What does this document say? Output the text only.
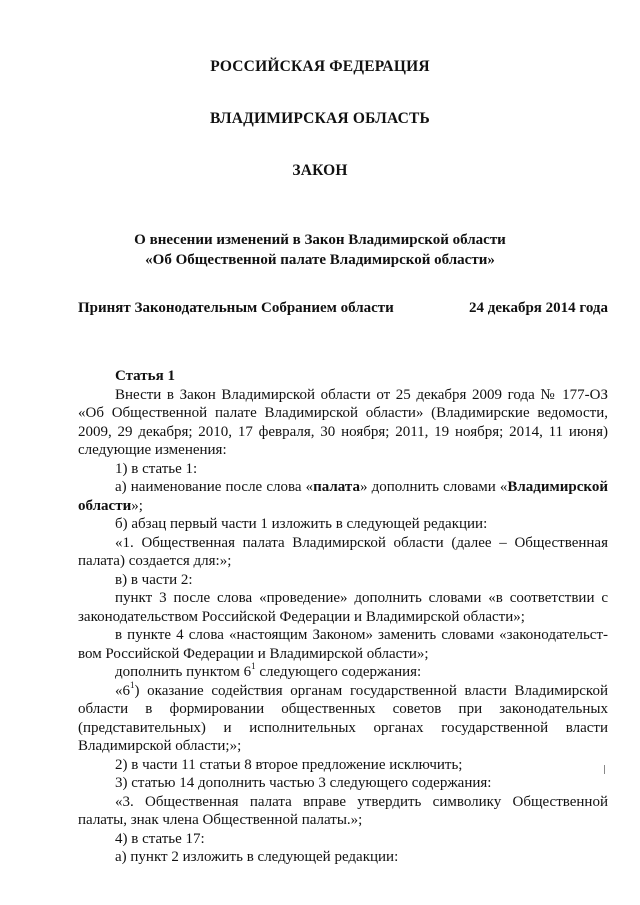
РОССИЙСКАЯ ФЕДЕРАЦИЯ
ВЛАДИМИРСКАЯ ОБЛАСТЬ
ЗАКОН
О внесении изменений в Закон Владимирской области
«Об Общественной палате Владимирской области»
Принят Законодательным Собранием области	24 декабря 2014 года

Статья 1

Внести в Закон Владимирской области от 25 декабря 2009 года № 177-ОЗ «Об Общественной палате Владимирской области» (Владимирские ведомости, 2009, 29 декабря; 2010, 17 февраля, 30 ноября; 2011, 19 ноября; 2014, 11 июня) следующие изменения:

1) в статье 1:

а) наименование после слова «палата» дополнить словами «Владимирской области»;

б) абзац первый части 1 изложить в следующей редакции:

«1. Общественная палата Владимирской области (далее – Общественная палата) создается для:»;

в) в части 2:

пункт 3 после слова «проведение» дополнить словами «в соответствии с законодательством Российской Федерации и Владимирской области»;

в пункте 4 слова «настоящим Законом» заменить словами «законодательст-вом Российской Федерации и Владимирской области»;

дополнить пунктом $6^1$ следующего содержания:

«$6^1$) оказание содействия органам государственной власти Владимирской области в формировании общественных советов при законодательных (представительных) и исполнительных органах государственной власти Владимирской области;»;

2) в части 11 статьи 8 второе предложение исключить;

3) статью 14 дополнить частью 3 следующего содержания:

«3. Общественная палата вправе утвердить символику Общественной палаты, знак члена Общественной палаты.»;

4) в статье 17:

а) пункт 2 изложить в следующей редакции:
